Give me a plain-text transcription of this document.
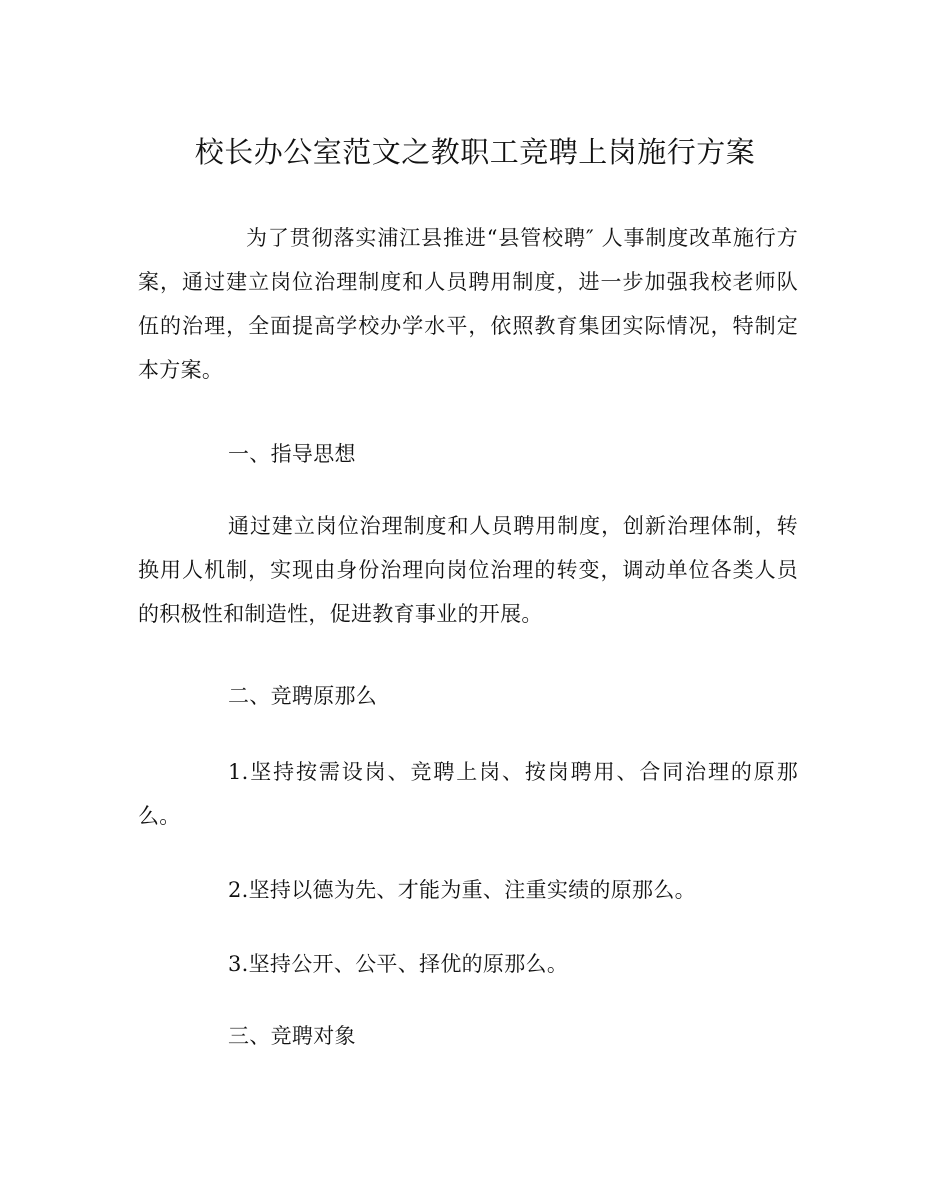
校长办公室范文之教职工竞聘上岗施行方案

为了贯彻落实浦江县推进“县管校聘″ 人事制度改革施行方案，通过建立岗位治理制度和人员聘用制度，进一步加强我校老师队伍的治理，全面提高学校办学水平，依照教育集团实际情况，特制定本方案。

一、指导思想

通过建立岗位治理制度和人员聘用制度，创新治理体制，转换用人机制，实现由身份治理向岗位治理的转变，调动单位各类人员的积极性和制造性，促进教育事业的开展。

二、竞聘原那么

1.坚持按需设岗、竞聘上岗、按岗聘用、合同治理的原那么。

2.坚持以德为先、才能为重、注重实绩的原那么。
3.坚持公开、公平、择优的原那么。
三、竞聘对象
